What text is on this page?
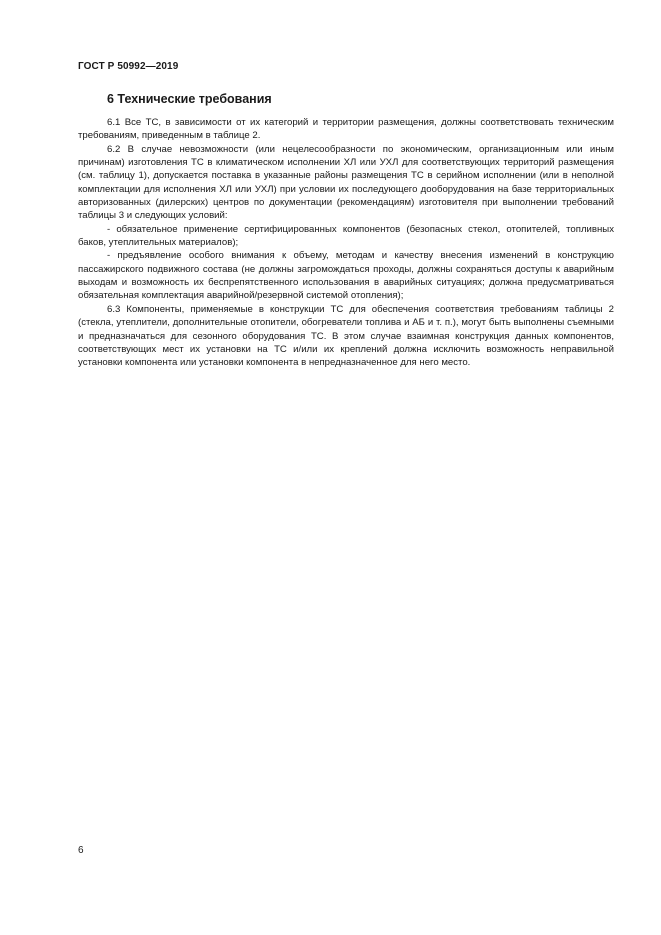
ГОСТ Р 50992—2019
6 Технические требования

6.1 Все ТС, в зависимости от их категорий и территории размещения, должны соответствовать техническим требованиям, приведенным в таблице 2.

6.2 В случае невозможности (или нецелесообразности по экономическим, организационным или иным причинам) изготовления ТС в климатическом исполнении ХЛ или УХЛ для соответствующих территорий размещения (см. таблицу 1), допускается поставка в указанные районы размещения ТС в серийном исполнении (или в неполной комплектации для исполнения ХЛ или УХЛ) при условии их последующего дооборудования на базе территориальных авторизованных (дилерских) центров по документации (рекомендациям) изготовителя при выполнении требований таблицы 3 и следующих условий:

- обязательное применение сертифицированных компонентов (безопасных стекол, отопителей, топливных баков, утеплительных материалов);

- предъявление особого внимания к объему, методам и качеству внесения изменений в конструкцию пассажирского подвижного состава (не должны загромождаться проходы, должны сохраняться доступы к аварийным выходам и возможность их беспрепятственного использования в аварийных ситуациях; должна предусматриваться обязательная комплектация аварийной/резервной системой отопления);

6.3 Компоненты, применяемые в конструкции ТС для обеспечения соответствия требованиям таблицы 2 (стекла, утеплители, дополнительные отопители, обогреватели топлива и АБ и т. п.), могут быть выполнены съемными и предназначаться для сезонного оборудования ТС. В этом случае взаимная конструкция данных компонентов, соответствующих мест их установки на ТС и/или их креплений должна исключить возможность неправильной установки компонента или установки компонента в непредназначенное для него место.

6
